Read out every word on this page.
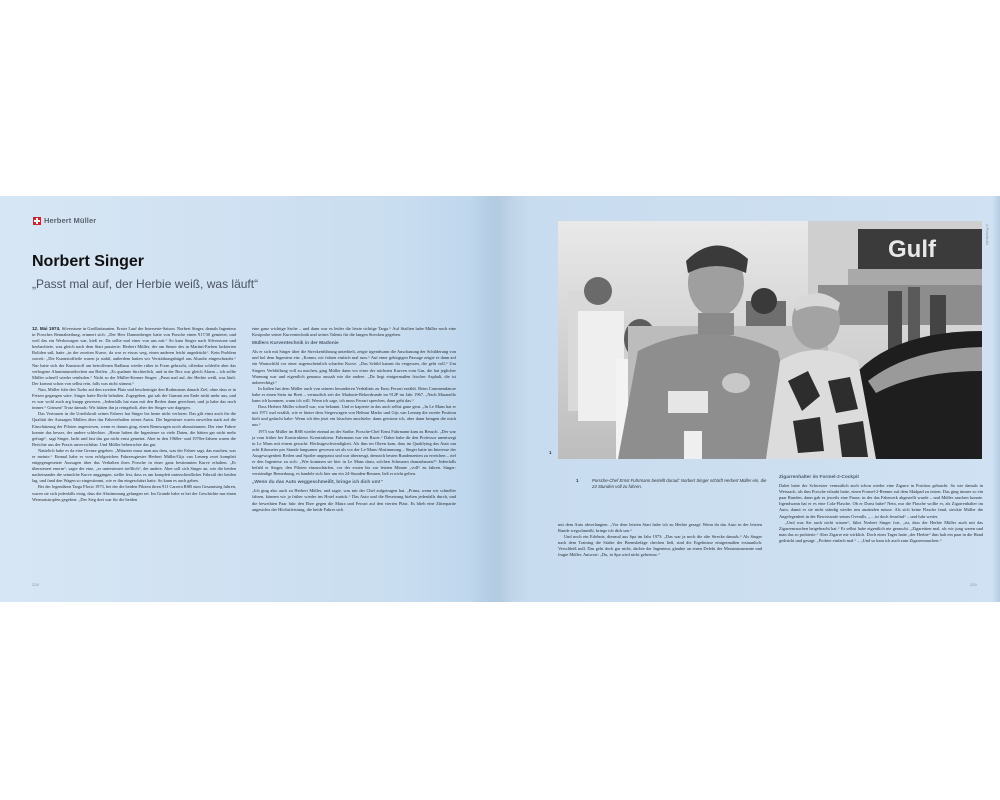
Herbert Müller
Norbert Singer
„Passt mal auf, der Herbie weiß, was läuft“

12. Mai 1974. Silverstone in Großbritannien. Erster Lauf der Interserie-Saison. Norbert Singer, damals Ingenieur in Porsches Rennabteilung, erinnert sich: „Der Herr Dannenberger hatte von Porsche einen 917/30 gemietet, und weil das ein Werkswagen war, kieß es: Da sollte mal einer von uns mit.“ So kam Singer nach Silverstone und beobachtete, was gleich nach dem Start passierte: Herbert Müller, der am Steuer des in Martini-Farben lackierten Boliden saß, hatte „in der zweiten Kurve, da war er etwas weg, einen anderen leicht angedrückt“. Kein Problem soweit: „Die Kunststoffteile waren ja stabil, außerdem hatten wir Verstärkungsbügel aus Alurohr eingeschraubt.“ Nur hatte sich der Kunststoff am betroffenen Radhaus wieder rüber in Form gebracht, offenbar schleifte aber das verbogene Aluminiumröhrchen am Reifen. „Es qualmte fürchterlich, und in der Box war gleich Alarm – ich sollte Müller schnell wieder reinholen.“ Nicht so der Müller-Kenner Singer: „Passt mal auf, der Herbie weiß, was läuft. Der kommt schon von selbst rein, falls was nicht stimmt.“

Nun, Müller fuhr den Turbo auf den zweiten Platz und bescheinigte den Rothmanns danach Ziel, ohne dass er in Fetzen gegangen wäre. Singer hatte Recht behalten. Zugegeben, gut sah der Gummi am Ende nicht mehr aus, und es war wohl auch arg knapp gewesen. „Jedenfalls hat man mit den Reifen dann gerechnet, und ja habe das noch immer.“ Grinsen! Trotz damals: Wir hätten ihn ja reingeholt, aber der Singer war dagegen.

Das Vertrauen in die Urteilskraft seines Fahrers hat Singer bis heute nicht verloren. Das gilt einst auch für die Qualität der Aussagen Müllers über das Fahrverhalten seines Autos. Die Ingenieure waren zuweilen stark auf die Einschätzung der Piloten angewiesen, wenn es darum ging, einen Rennwagen noch abzustimmen. Der eine Fahrer konnte das besser, der andere schlechter. „Heute haben die Ingenieure so viele Daten, die hätten gar nicht mehr gefragt“, sagt Singer, lacht und fast das gar nicht ernst gemeint. Aber in den 1960er- und 1970er-Jahren waren die Berichte aus der Praxis unverzichtbar. Und Müller beherrschte das gut.

Natürlich habe es da eine Grenze gegeben. „Mitunter muss man aus dem, was der Fahrer sagt, das machen, was er meinte.“ Einmal habe er vom erfolgreichen Fahrzeugtester Herbert Müller/Gijs van Lennep zwei komplett entgegengesetzte Aussagen über das Verhalten ihres Porsche in einer ganz bestimmten Kurve erhalten. „Er übersteuert enorm“, sagte der eine, „er untersteuert trefflich“, der andere. Aber soll sich Singer an, wie die beiden nacheinander die seinnlche Kurve anggingen, stellte fest, dass es um komplett unterschiedlicher Fahrstil der beiden lag, und fand den Wagen so eingestimmt, wie er ihn eingeschätzt hatte. So kann es auch gehen.

Bei der legendären Targa Florio 1973, bei der die beiden Piloten ihren 911 Carrera RSR zum Gesamtsieg fuhren, waren sie sich jedenfalls einig, dass die Abstimmung gelungen sei. Im Grunde habe es bei der Geschichte nur einen Wermutstropfen gegeben: „Der Sieg dort war für die beiden

eine ganz wichtige Sache – und dann war es leider die letzte richtige Targa.“ Auf Sizilien habe Müller noch eine Kostprobe seiner Kurventechnik und seines Talents für die langen Strecken gegeben.

Müllers Kurventechnik in der Madonie

Als er sich mit Singer über die Streckenführung unterhielt, zeigte irgendwann die Anschauung der Schilderung von und hol dem Ingenieur ein: „Komm, wir fahren einfach mal rum.“ Auf einer gebirgigen Passage zeigte er dann auf ein Warnschild vor einer augenscheinlich scharfen Kurve. „Das Schild kannst du vergessen, die geht voll.“ Um Singers Verblüffung voll zu machen, ging Müller dann vor einer der nächsten Kurven vom Gas, die hat jeglicher Warnung war und eigentlich genauso aussah wie die andere. „Da liegt einigermaßen frischer Asphalt, die ist unberechtigt.“

In Italien hat dem Müller auch von seinem besonderen Verhältnis zu Enzo Ferrari erzählt. Beim Commendatore habe er einen Stein im Brett – vermutlich seit der Madonie-Rekordrunde im 912P im Jahr 1967. „Nach Maranello kann ich kommen, wann ich will. Wenn ich sage, ich muss Ferrari sprechen, dann geht das.“

Dass Herbert Müller schnell war, war bekannt. Und er kapierte in das auch selbst ganz gern. „In Le Mans hat er mit 1971 mal erzählt, wie er hinter dem Siegerwagen von Helmut Marko und Gijs van Lennep die zweite Position hielt und gedacht habe: Wenn ich den jetzt ein bisschen anschiebe, dann gewinne ich, aber dann bringen die mich um.“

1973 war Müller im RSR wieder einmal an der Sarthe. Porsche-Chef Ernst Fuhrmann kam zu Besuch. „Der war ja vom früher her Konstrukteur. Konstrukteur. Fuhrmann war ein Racer.“ Daher habe dir den Professor unentwegt in Le Mans mit einem gesucht: Höchstgeschwindigkeit. Als ihm im Ohren kam, dass im Qualifying das Auto um acht Kilometer pro Stunde langsamer gewesen sei als vor der Le-Mans-Abstimmung – Singer hatte im Interesse der Ausgewogenheit Reifen und Spoiler angepasst und war überzeugt, dennoch besten Rundenzeiten zu erreichen – rief er den Ingenieur zu sich: „Wie kommen sie hier in Le Mans dazu, solchen Schmarrn dranzubauen?“ Jedenfalls befahl er Singer, den Piloten einzuschärfen, vor der ersten bis zur letzten Minute „voll“ zu fahren. Singer: verständige Bemerkung, es handele sich hier um ein 24-Stunden-Rennen, ließ er nicht gelten.

„Wenn du das Auto weggeschmeißt, bringe ich dich um!“

„Ich ging also auch zu Herbert Müller, und sagte, was mir der Chef aufgetragen hat. „Prima, wenn wir schneller fahren, können wir ja früher wieder ins Hotel zurück.“ Das Auto und die Besetzung hielten jedenfalls durch, und die beweihten Paar fuhr den Ehre gegen die Matra und Ferrari auf den vierten Platz. Es blieb eine Zitterpartie angesichts der Höchstleistung, die beide Fahrer sich

228
Gulf
©Porsche AG
1
1	Porsche-Chef Ernst Fuhrmann bestellt darauf: Norbert Singer schärft Herbert Müller ein, die 24 Stunden voll zu fahren.

mit dem Auto abverlangten. „Vor dem letzten Start habe ich zu Herbie gesagt: Wenn du das Auto in der letzten Runde wegschmeißt, bringe ich dich um.“

Und noch ein Erlebnis, diesmal aus Spa im Jahr 1973: „Das war ja noch die alte Strecke damals.“ Als Singer nach dem Training die Stärke der Bremsbeläge checken ließ, sind die Ergebnisse einigermaßen erstaunlich: Verschleiß null. Das geht doch gar nicht, dachte der Ingenieur, glaubte an einen Defekt der Messinstrumente und fragte Müller. Antwort: „Du, in Spa wird nicht gebremst.“

Zigarrenhalter im Formel-2-Cockpit

Dabei hatte der Schweizer vermutlich auch schon wieder eine Zigarre in Position gebracht. So wie damals in Weissach, als ihm Porsche erlaubt hatte, einen Formel-2-Renner auf dem Skidpad zu testen. Das ging immer so ein paar Runden, dann gab es jeweils eine Pause, in der das Fahrwerk abgestellt wurde – und Müller rauchen konnte. Irgendwann hat er es eine Cola-Flasche. Ob er Durst habe? Nein, nur die Flasche wollte er, als Zigarrenhalter im Auto, damit er sie nicht ständig wieder neu anzünden müsse. Als sich keine Flasche fand, strickte Müller die Angelegenheit in der Beweisstufe seines Overalls. „…ist doch fesselnd“ – und fuhr weiter.

„Und was Sie auch nicht wissen“, führt Norbert Singer fort, „ist, dass der Herbie Müller auch mit das Zigarrenrauchen beigebracht hat.“ Er selbst habe eigentlich nie geraucht. „Zigarettten mal, als wir jung waren und man das so probierte.“ Aber Zigarre nie wirklich. Doch eines Tages hatte „der Herbie“ ihm halt ein paar in die Hand gedrückt und gesagt: „Probier einfach mal.“ – „Und so kam ich auch zum Zigarrenrauchen.“

229
